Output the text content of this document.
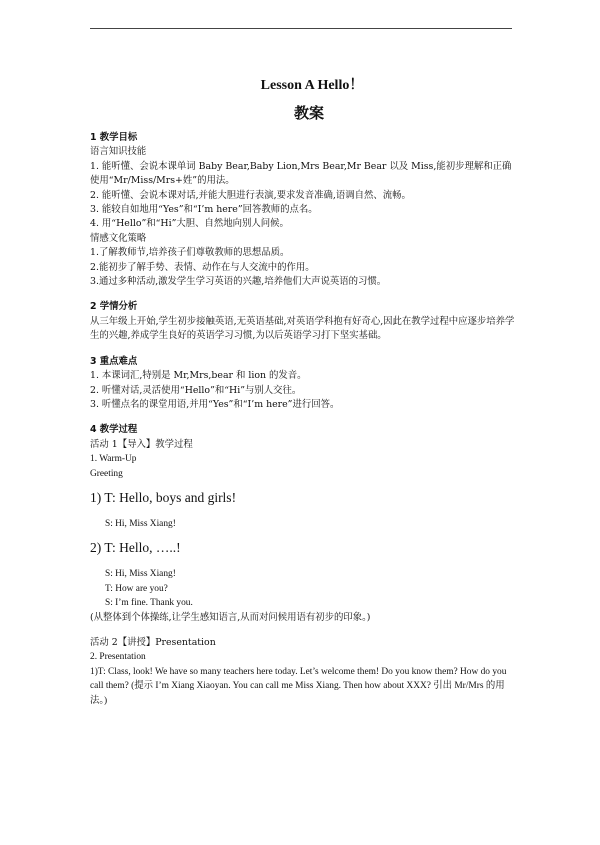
Lesson A Hello！

教案

1 教学目标

语言知识技能

1. 能听懂、会说本课单词 Baby Bear,Baby Lion,Mrs Bear,Mr Bear 以及 Miss,能初步理解和正确使用“Mr/Miss/Mrs+姓”的用法。

2. 能听懂、会说本课对话,并能大胆进行表演,要求发音准确,语调自然、流畅。

3. 能较自如地用“Yes”和“I’m here”回答教师的点名。

4. 用“Hello”和“Hi”大胆、自然地向别人问候。

情感文化策略

1.了解教师节,培养孩子们尊敬教师的思想品质。

2.能初步了解手势、表情、动作在与人交流中的作用。

3.通过多种活动,激发学生学习英语的兴趣,培养他们大声说英语的习惯。

2 学情分析

从三年级上开始,学生初步接触英语,无英语基础,对英语学科抱有好奇心,因此在教学过程中应逐步培养学生的兴趣,养成学生良好的英语学习习惯,为以后英语学习打下坚实基础。

3 重点难点

1. 本课词汇,特别是 Mr,Mrs,bear 和 lion 的发音。

2. 听懂对话,灵活使用“Hello”和“Hi”与别人交往。

3. 听懂点名的课堂用语,并用“Yes”和“I’m here”进行回答。

4 教学过程

活动 1【导入】教学过程

1. Warm-Up

Greeting

1) T: Hello, boys and girls!

S: Hi, Miss Xiang!

2) T: Hello, …..!

S: Hi, Miss Xiang!

T: How are you?

S: I’m fine. Thank you.

(从整体到个体操练,让学生感知语言,从而对问候用语有初步的印象。)

活动 2【讲授】Presentation

2. Presentation

1)T: Class, look! We have so many teachers here today. Let’s welcome them! Do you know them? How do you call them? (提示 I’m Xiang Xiaoyan. You can call me Miss Xiang. Then how about XXX? 引出 Mr/Mrs 的用法。)
